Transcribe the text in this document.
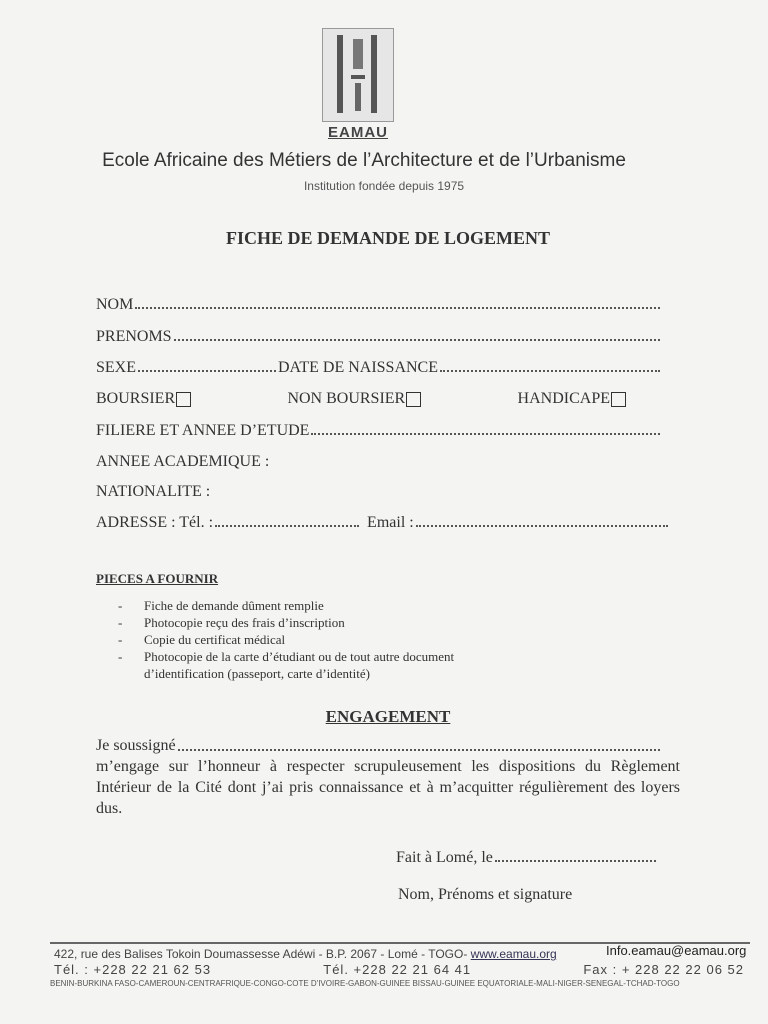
EAMAU
Ecole Africaine des Métiers de l’Architecture et de l’Urbanisme
Institution fondée depuis 1975
FICHE DE DEMANDE DE LOGEMENT
NOM
PRENOMS
SEXE	DATE DE NAISSANCE
BOURSIER	NON BOURSIER	HANDICAPE
FILIERE ET ANNEE D’ETUDE
ANNEE ACADEMIQUE :
NATIONALITE :
ADRESSE : Tél. :	Email :
PIECES A FOURNIR
- Fiche de demande dûment remplie
- Photocopie reçu des frais d’inscription
- Copie du certificat médical
- Photocopie de la carte d’étudiant ou de tout autre document d’identification (passeport, carte d’identité)
ENGAGEMENT
Je soussigné
m’engage sur l’honneur à respecter scrupuleusement les dispositions du Règlement Intérieur de la Cité dont j’ai pris connaissance et à m’acquitter régulièrement des loyers dus.
Fait à Lomé, le
Nom, Prénoms et signature
422, rue des Balises Tokoin Doumassesse Adéwi - B.P. 2067 - Lomé - TOGO- www.eamau.org	Info.eamau@eamau.org
Tél. : +228 22 21 62 53	Tél. +228 22 21 64 41	Fax : + 228 22 22 06 52
BENIN-BURKINA FASO-CAMEROUN-CENTRAFRIQUE-CONGO-COTE D'IVOIRE-GABON-GUINEE BISSAU-GUINEE EQUATORIALE-MALI-NIGER-SENEGAL-TCHAD-TOGO
